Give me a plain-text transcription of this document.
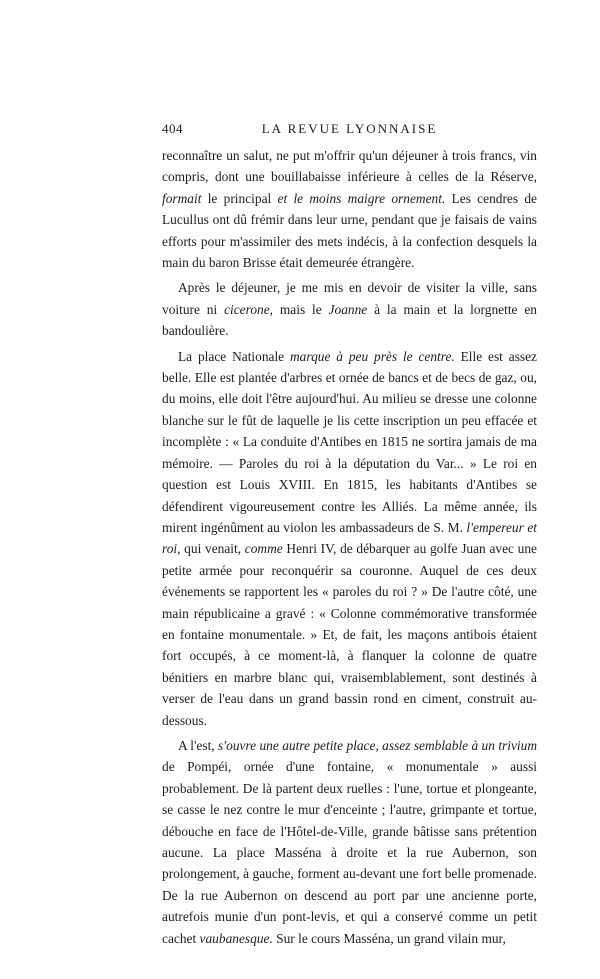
404	LA REVUE LYONNAISE

reconnaître un salut, ne put m'offrir qu'un déjeuner à trois francs, vin compris, dont une bouillabaisse inférieure à celles de la Réserve, formait le principal et le moins maigre ornement. Les cendres de Lucullus ont dû frémir dans leur urne, pendant que je faisais de vains efforts pour m'assimiler des mets indécis, à la confection desquels la main du baron Brisse était demeurée étrangère.

Après le déjeuner, je me mis en devoir de visiter la ville, sans voiture ni cicerone, mais le Joanne à la main et la lorgnette en bandoulière.

La place Nationale marque à peu près le centre. Elle est assez belle. Elle est plantée d'arbres et ornée de bancs et de becs de gaz, ou, du moins, elle doit l'être aujourd'hui. Au milieu se dresse une colonne blanche sur le fût de laquelle je lis cette inscription un peu effacée et incomplète : « La conduite d'Antibes en 1815 ne sortira jamais de ma mémoire. — Paroles du roi à la députation du Var... » Le roi en question est Louis XVIII. En 1815, les habitants d'Antibes se défendirent vigoureusement contre les Alliés. La même année, ils mirent ingénûment au violon les ambassadeurs de S. M. l'empereur et roi, qui venait, comme Henri IV, de débarquer au golfe Juan avec une petite armée pour reconquérir sa couronne. Auquel de ces deux événements se rapportent les « paroles du roi ? » De l'autre côté, une main républicaine a gravé : « Colonne commémorative transformée en fontaine monumentale. » Et, de fait, les maçons antibois étaient fort occupés, à ce moment-là, à flanquer la colonne de quatre bénitiers en marbre blanc qui, vraisemblablement, sont destinés à verser de l'eau dans un grand bassin rond en ciment, construit au-dessous.

A l'est, s'ouvre une autre petite place, assez semblable à un trivium de Pompéi, ornée d'une fontaine, « monumentale » aussi probablement. De là partent deux ruelles : l'une, tortue et plongeante, se casse le nez contre le mur d'enceinte ; l'autre, grimpante et tortue, débouche en face de l'Hôtel-de-Ville, grande bâtisse sans prétention aucune. La place Masséna à droite et la rue Aubernon, son prolongement, à gauche, forment au-devant une fort belle promenade. De la rue Aubernon on descend au port par une ancienne porte, autrefois munie d'un pont-levis, et qui a conservé comme un petit cachet vaubanesque. Sur le cours Masséna, un grand vilain mur,
